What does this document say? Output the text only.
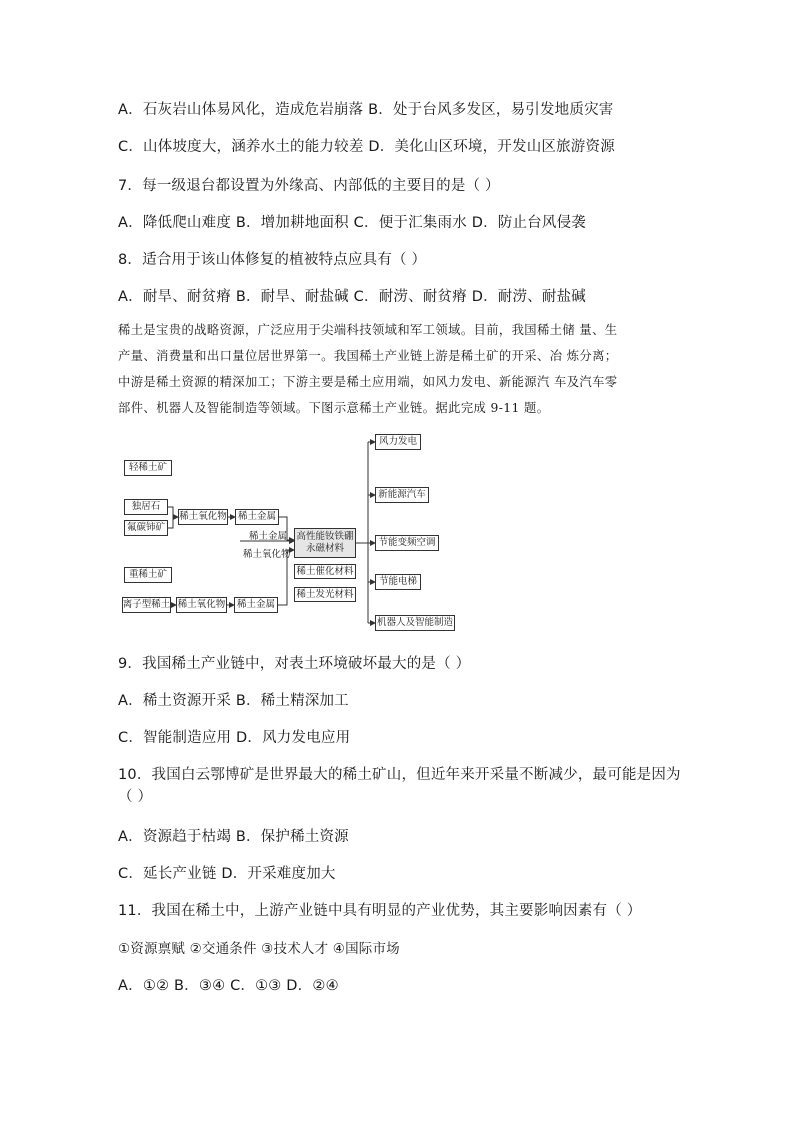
A．石灰岩山体易风化，造成危岩崩落 B．处于台风多发区，易引发地质灾害
C．山体坡度大，涵养水土的能力较差 D．美化山区环境，开发山区旅游资源
7．每一级退台都设置为外缘高、内部低的主要目的是（ ）
A．降低爬山难度 B．增加耕地面积 C．便于汇集雨水 D．防止台风侵袭
8．适合用于该山体修复的植被特点应具有（ ）
A．耐旱、耐贫瘠 B．耐旱、耐盐碱 C．耐涝、耐贫瘠 D．耐涝、耐盐碱
稀土是宝贵的战略资源，广泛应用于尖端科技领域和军工领域。目前，我国稀土储 量、生
产量、消费量和出口量位居世界第一。我国稀土产业链上游是稀土矿的开采、冶 炼分离；
中游是稀土资源的精深加工；下游主要是稀土应用端，如风力发电、新能源汽 车及汽车零
部件、机器人及智能制造等领域。下图示意稀土产业链。据此完成 9-11 题。
轻稀土矿
独居石
氟碳铈矿
稀土氧化物	稀土金属
稀土金属
稀土氧化物
高性能钕铁硼
永磁材料
稀土催化材料
稀土发光材料
重稀土矿
离子型稀土 稀土氧化物	稀土金属
风力发电
新能源汽车
节能变频空调
节能电梯
机器人及智能制造
9．我国稀土产业链中，对表土环境破坏最大的是（ ）
A．稀土资源开采 B．稀土精深加工
C．智能制造应用 D．风力发电应用
10．我国白云鄂博矿是世界最大的稀土矿山，但近年来开采量不断减少，最可能是因为
（ ）
A．资源趋于枯竭 B．保护稀土资源
C．延长产业链 D．开采难度加大
11．我国在稀土中，上游产业链中具有明显的产业优势，其主要影响因素有（ ）
①资源禀赋 ②交通条件 ③技术人才 ④国际市场
A．①② B．③④ C．①③ D．②④
